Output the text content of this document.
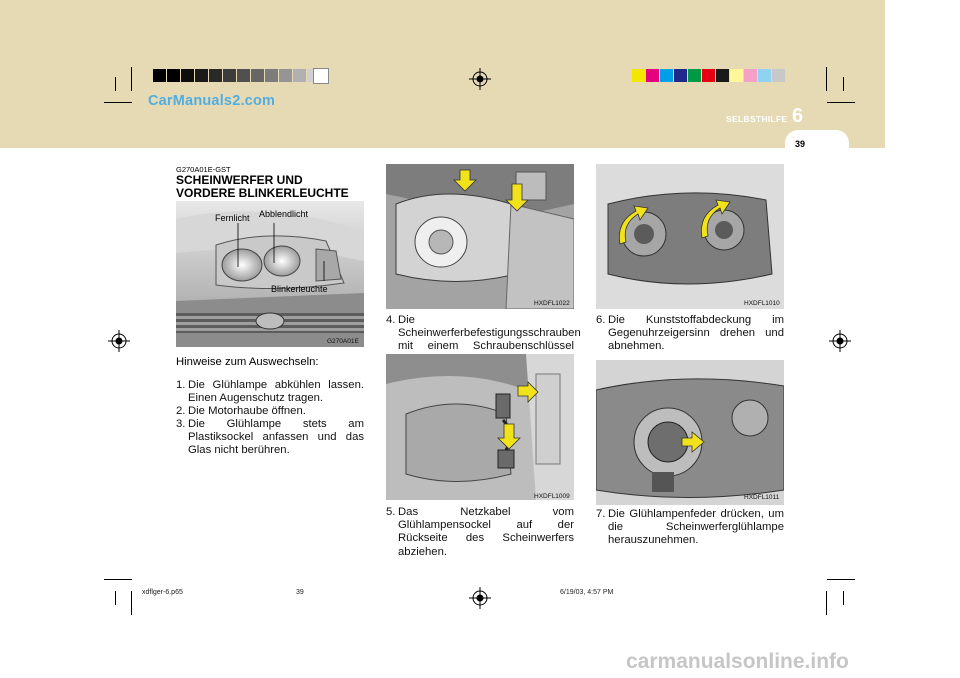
CarManuals2.com
SELBSTHILFE 6
39
G270A01E-GST
SCHEINWERFER UND
VORDERE BLINKERLEUCHTE
Fernlicht Abblendlicht
Blinkerleuchte
G270A01E
Hinweise zum Auswechseln:
1. Die Glühlampe abkühlen lassen. Einen Augenschutz tragen.
2. Die Motorhaube öffnen.
3. Die Glühlampe stets am Plastiksockel anfassen und das Glas nicht berühren.
HXDFL1022
4. Die Scheinwerferbefestigungsschrauben mit einem Schraubenschlüssel
HXDFL1009
5. Das Netzkabel vom Glühlampensockel auf der Rückseite des Scheinwerfers abziehen.
HXDFL1010
6. Die Kunststoffabdeckung im Gegenuhrzeigersinn drehen und abnehmen.
HXDFL1011
7. Die Glühlampenfeder drücken, um die Scheinwerferglühlampe herauszunehmen.
xdflger-6.p65	39	6/19/03, 4:57 PM
carmanualsonline.info
